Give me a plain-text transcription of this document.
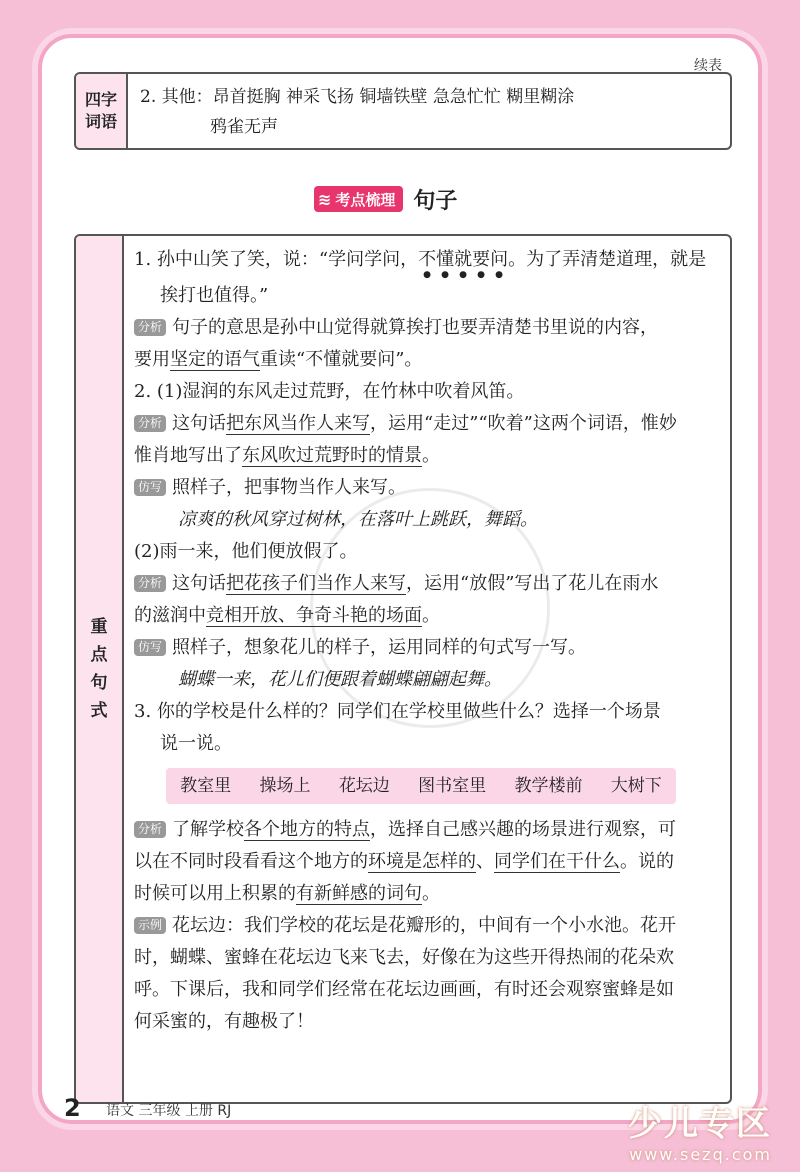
续表
四字词语
2. 其他：昂首挺胸 神采飞扬 铜墙铁壁 急急忙忙 糊里糊涂
鸦雀无声
≋ 考点梳理 句子
重点句式

1. 孙中山笑了笑，说：“学问学问，不懂就要问。为了弄清楚道理，就是

挨打也值得。”

分析 句子的意思是孙中山觉得就算挨打也要弄清楚书里说的内容，

要用坚定的语气重读“不懂就要问”。

2. (1)湿润的东风走过荒野，在竹林中吹着风笛。

分析 这句话把东风当作人来写，运用“走过”“吹着”这两个词语，惟妙

惟肖地写出了东风吹过荒野时的情景。

仿写 照样子，把事物当作人来写。

凉爽的秋风穿过树林，在落叶上跳跃，舞蹈。

(2)雨一来，他们便放假了。

分析 这句话把花孩子们当作人来写，运用“放假”写出了花儿在雨水

的滋润中竞相开放、争奇斗艳的场面。

仿写 照样子，想象花儿的样子，运用同样的句式写一写。

蝴蝶一来，花儿们便跟着蝴蝶翩翩起舞。

3. 你的学校是什么样的？同学们在学校里做些什么？选择一个场景

说一说。

教室里 操场上 花坛边 图书室里 教学楼前 大树下

分析 了解学校各个地方的特点，选择自己感兴趣的场景进行观察，可

以在不同时段看看这个地方的环境是怎样的、同学们在干什么。说的

时候可以用上积累的有新鲜感的词句。

示例 花坛边：我们学校的花坛是花瓣形的，中间有一个小水池。花开

时，蝴蝶、蜜蜂在花坛边飞来飞去，好像在为这些开得热闹的花朵欢

呼。下课后，我和同学们经常在花坛边画画，有时还会观察蜜蜂是如

何采蜜的，有趣极了！

2 语文 三年级 上册 RJ	少儿专区
www.sezq.com
